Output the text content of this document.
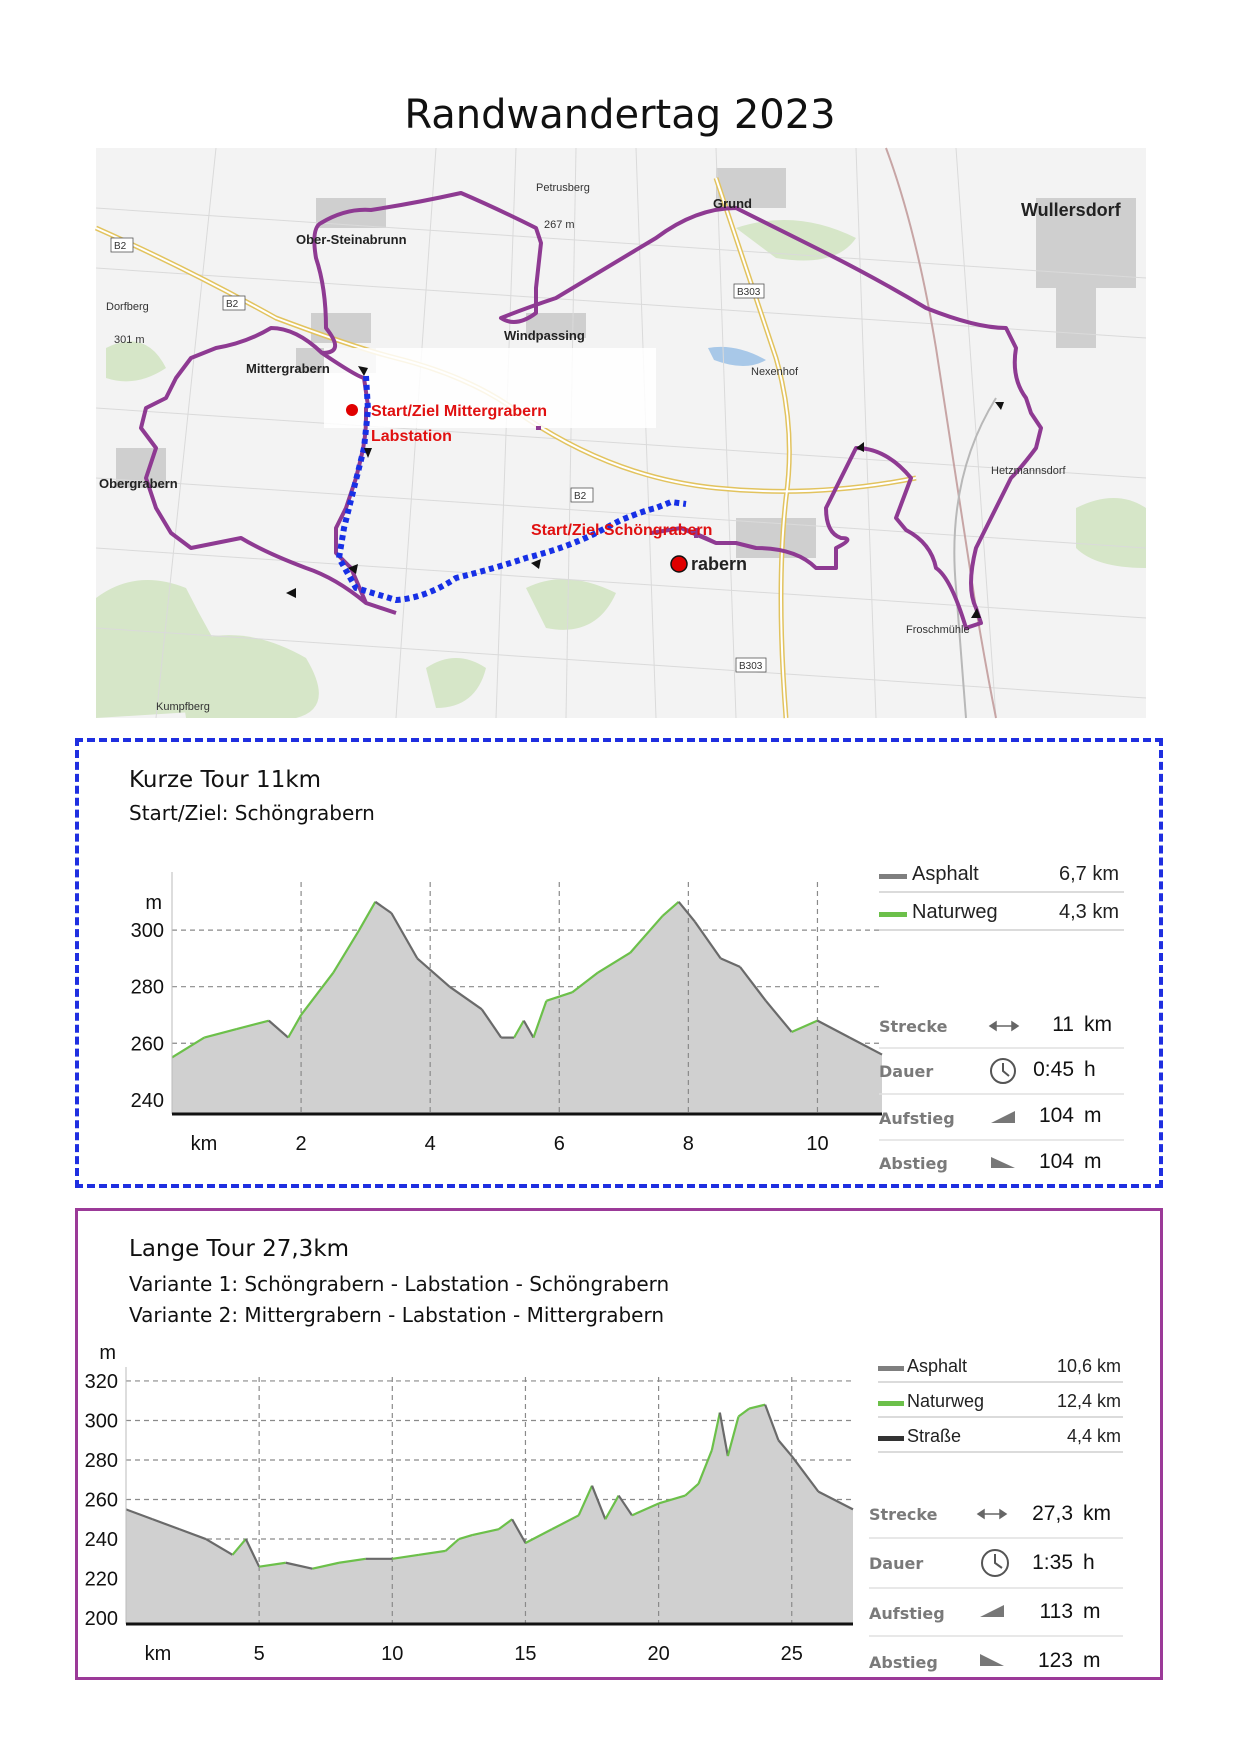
Randwandertag 2023
Petrusberg
267 m
Nexenhof
Hetzmannsdorf
Froschmühle
Kumpfberg
Dorfberg
301 m
Grund
Ober-Steinabrunn
Mittergrabern
Windpassing
Obergrabern
Wullersdorf
rabern
B2
B2
B2
B303
B303
Start/Ziel Mittergrabern
Labstation
Start/Ziel Schöngrabern
Kurze Tour 11km
Start/Ziel: Schöngrabern
240
260
280
300
2	4	6	8	10
m
km
Asphalt	6,7 km
Naturweg	4,3 km
Strecke	11 km
Dauer	0:45 h
Aufstieg	104 m
Abstieg	104 m
Lange Tour 27,3km
Variante 1: Schöngrabern - Labstation - Schöngrabern
Variante 2: Mittergrabern - Labstation - Mittergrabern
200
220
240
260
280
300
320
5	10	15	20	25
m
km
Asphalt	10,6 km
Naturweg	12,4 km
Straße	4,4 km
Strecke	27,3 km
Dauer	1:35 h
Aufstieg	113 m
Abstieg	123 m
